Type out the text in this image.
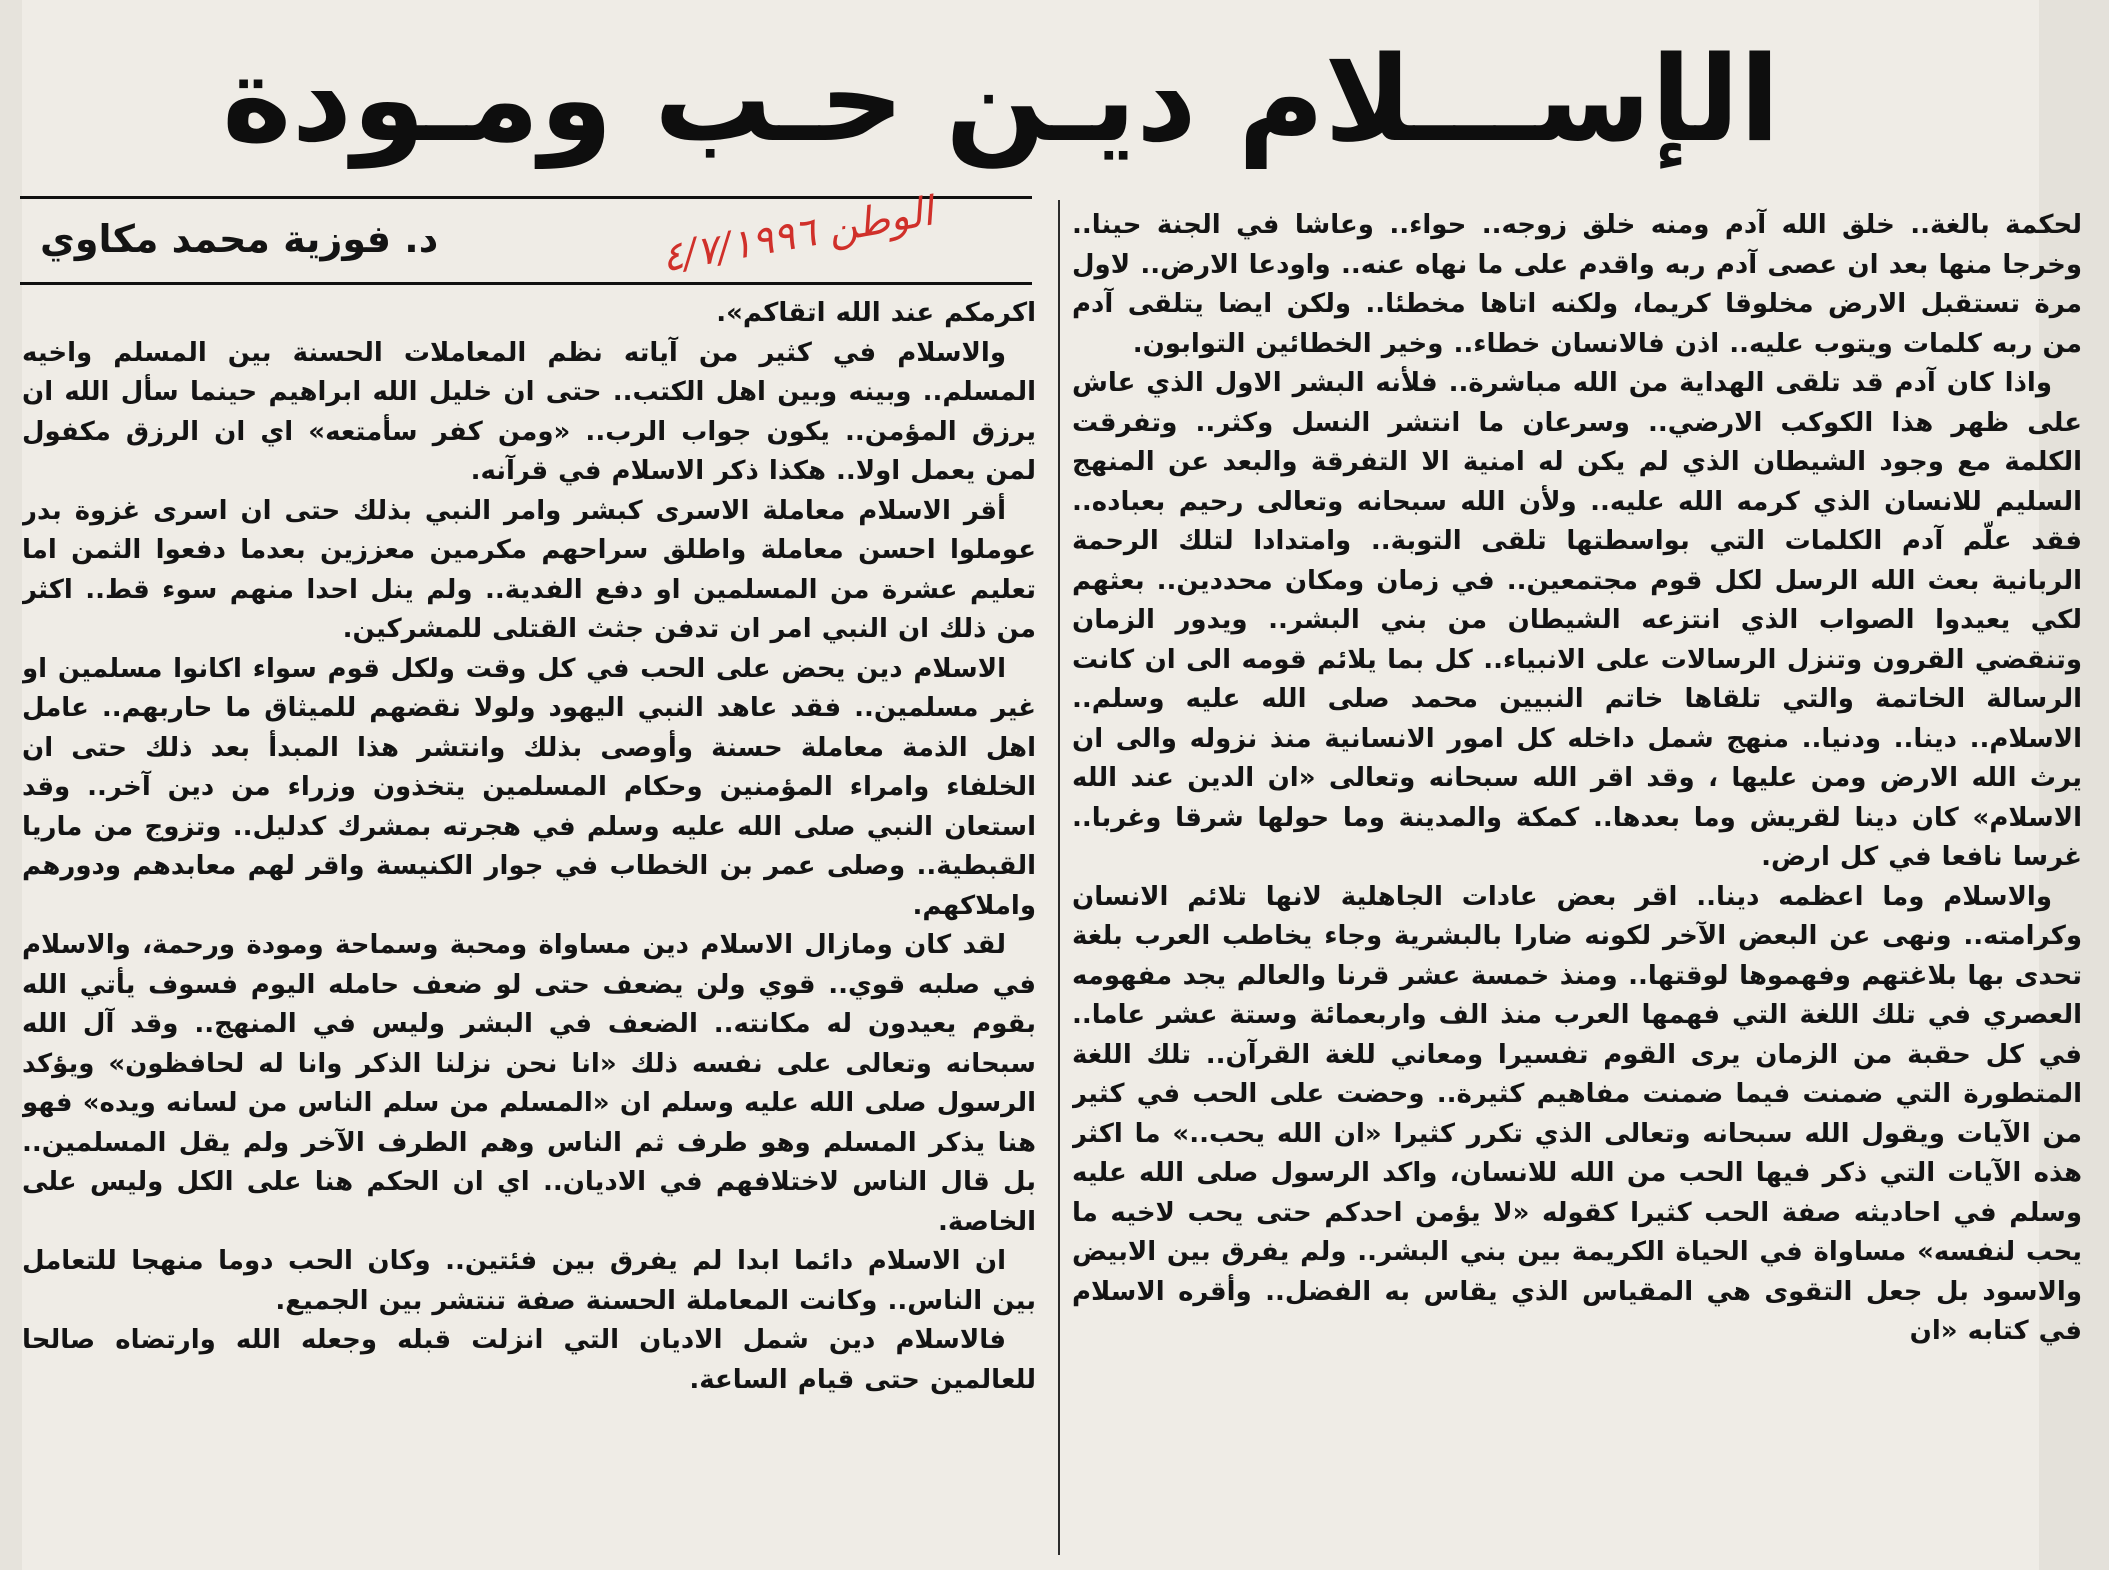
الإســـلام ديـن حـب ومـودة
الوطن ٤/٧/١٩٩٦
د. فوزية محمد مكاوي	لحكمة بالغة.. خلق الله آدم ومنه خلق زوجه.. حواء.. وعاشا في الجنة حينا.. وخرجا منها بعد ان عصى آدم ربه واقدم على ما نهاه عنه.. واودعا الارض.. لاول مرة تستقبل الارض مخلوقا كريما، ولكنه اتاها مخطئا.. ولكن ايضا يتلقى آدم من ربه كلمات ويتوب عليه.. اذن فالانسان خطاء.. وخير الخطائين التوابون.

واذا كان آدم قد تلقى الهداية من الله مباشرة.. فلأنه البشر الاول الذي عاش على ظهر هذا الكوكب الارضي.. وسرعان ما انتشر النسل وكثر.. وتفرقت الكلمة مع وجود الشيطان الذي لم يكن له امنية الا التفرقة والبعد عن المنهج السليم للانسان الذي كرمه الله عليه.. ولأن الله سبحانه وتعالى رحيم بعباده.. فقد علّم آدم الكلمات التي بواسطتها تلقى التوبة.. وامتدادا لتلك الرحمة الربانية بعث الله الرسل لكل قوم مجتمعين.. في زمان ومكان محددين.. بعثهم لكي يعيدوا الصواب الذي انتزعه الشيطان من بني البشر.. ويدور الزمان وتنقضي القرون وتنزل الرسالات على الانبياء.. كل بما يلائم قومه الى ان كانت الرسالة الخاتمة والتي تلقاها خاتم النبيين محمد صلى الله عليه وسلم.. الاسلام.. دينا.. ودنيا.. منهج شمل داخله كل امور الانسانية منذ نزوله والى ان يرث الله الارض ومن عليها ، وقد اقر الله سبحانه وتعالى «ان الدين عند الله الاسلام» كان دينا لقريش وما بعدها.. كمكة والمدينة وما حولها شرقا وغربا.. غرسا نافعا في كل ارض.

والاسلام وما اعظمه دينا.. اقر بعض عادات الجاهلية لانها تلائم الانسان وكرامته.. ونهى عن البعض الآخر لكونه ضارا بالبشرية وجاء يخاطب العرب بلغة تحدى بها بلاغتهم وفهموها لوقتها.. ومنذ خمسة عشر قرنا والعالم يجد مفهومه العصري في تلك اللغة التي فهمها العرب منذ الف واربعمائة وستة عشر عاما.. في كل حقبة من الزمان يرى القوم تفسيرا ومعاني للغة القرآن.. تلك اللغة المتطورة التي ضمنت فيما ضمنت مفاهيم كثيرة.. وحضت على الحب في كثير من الآيات ويقول الله سبحانه وتعالى الذي تكرر كثيرا «ان الله يحب..» ما اكثر هذه الآيات التي ذكر فيها الحب من الله للانسان، واكد الرسول صلى الله عليه وسلم في احاديثه صفة الحب كثيرا كقوله «لا يؤمن احدكم حتى يحب لاخيه ما يحب لنفسه» مساواة في الحياة الكريمة بين بني البشر.. ولم يفرق بين الابيض والاسود بل جعل التقوى هي المقياس الذي يقاس به الفضل.. وأقره الاسلام في كتابه «ان

اكرمكم عند الله اتقاكم».

والاسلام في كثير من آياته نظم المعاملات الحسنة بين المسلم واخيه المسلم.. وبينه وبين اهل الكتب.. حتى ان خليل الله ابراهيم حينما سأل الله ان يرزق المؤمن.. يكون جواب الرب.. «ومن كفر سأمتعه» اي ان الرزق مكفول لمن يعمل اولا.. هكذا ذكر الاسلام في قرآنه.

أقر الاسلام معاملة الاسرى كبشر وامر النبي بذلك حتى ان اسرى غزوة بدر عوملوا احسن معاملة واطلق سراحهم مكرمين معززين بعدما دفعوا الثمن اما تعليم عشرة من المسلمين او دفع الفدية.. ولم ينل احدا منهم سوء قط.. اكثر من ذلك ان النبي امر ان تدفن جثث القتلى للمشركين.

الاسلام دين يحض على الحب في كل وقت ولكل قوم سواء اكانوا مسلمين او غير مسلمين.. فقد عاهد النبي اليهود ولولا نقضهم للميثاق ما حاربهم.. عامل اهل الذمة معاملة حسنة وأوصى بذلك وانتشر هذا المبدأ بعد ذلك حتى ان الخلفاء وامراء المؤمنين وحكام المسلمين يتخذون وزراء من دين آخر.. وقد استعان النبي صلى الله عليه وسلم في هجرته بمشرك كدليل.. وتزوج من ماريا القبطية.. وصلى عمر بن الخطاب في جوار الكنيسة واقر لهم معابدهم ودورهم واملاكهم.

لقد كان ومازال الاسلام دين مساواة ومحبة وسماحة ومودة ورحمة، والاسلام في صلبه قوي.. قوي ولن يضعف حتى لو ضعف حامله اليوم فسوف يأتي الله بقوم يعيدون له مكانته.. الضعف في البشر وليس في المنهج.. وقد آل الله سبحانه وتعالى على نفسه ذلك «انا نحن نزلنا الذكر وانا له لحافظون» ويؤكد الرسول صلى الله عليه وسلم ان «المسلم من سلم الناس من لسانه ويده» فهو هنا يذكر المسلم وهو طرف ثم الناس وهم الطرف الآخر ولم يقل المسلمين.. بل قال الناس لاختلافهم في الاديان.. اي ان الحكم هنا على الكل وليس على الخاصة.

ان الاسلام دائما ابدا لم يفرق بين فئتين.. وكان الحب دوما منهجا للتعامل بين الناس.. وكانت المعاملة الحسنة صفة تنتشر بين الجميع.

فالاسلام دين شمل الاديان التي انزلت قبله وجعله الله وارتضاه صالحا للعالمين حتى قيام الساعة.
